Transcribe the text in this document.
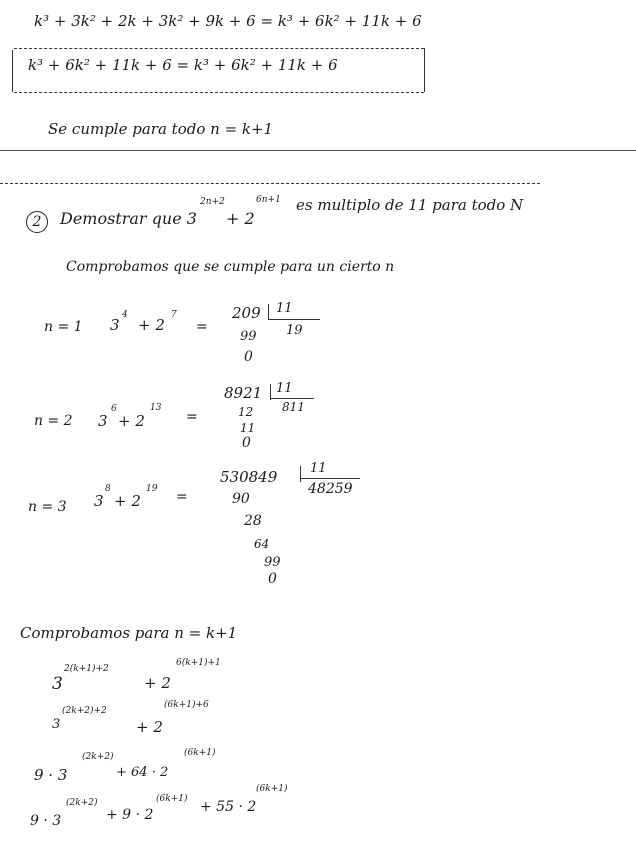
k³ + 3k² + 2k + 3k² + 9k + 6 = k³ + 6k² + 11k + 6
k³ + 6k² + 11k + 6 = k³ + 6k² + 11k + 6
Se cumple para todo n = k+1
2	Demostrar que 3
2n+2
+ 2
6n+1 es multiplo de 11 para todo N
Comprobamos que se cumple para un cierto n
n = 1 3
4
+ 2
7
=
209 11
19
99
0
n = 2 3
6
+ 2
13
=
8921 11
811
12
11
0
n = 3 3
8
+ 2
19 =
530849	11
48259
90
28
64
99
0
Comprobamos para n = k+1
3
2(k+1)+2
+ 2
6(k+1)+1
3
(2k+2)+2
+ 2
(6k+1)+6
9 · 3
(2k+2)
+ 64 · 2
(6k+1)
9 · 3
(2k+2)
+ 9 · 2
(6k+1) + 55 · 2
(6k+1)
